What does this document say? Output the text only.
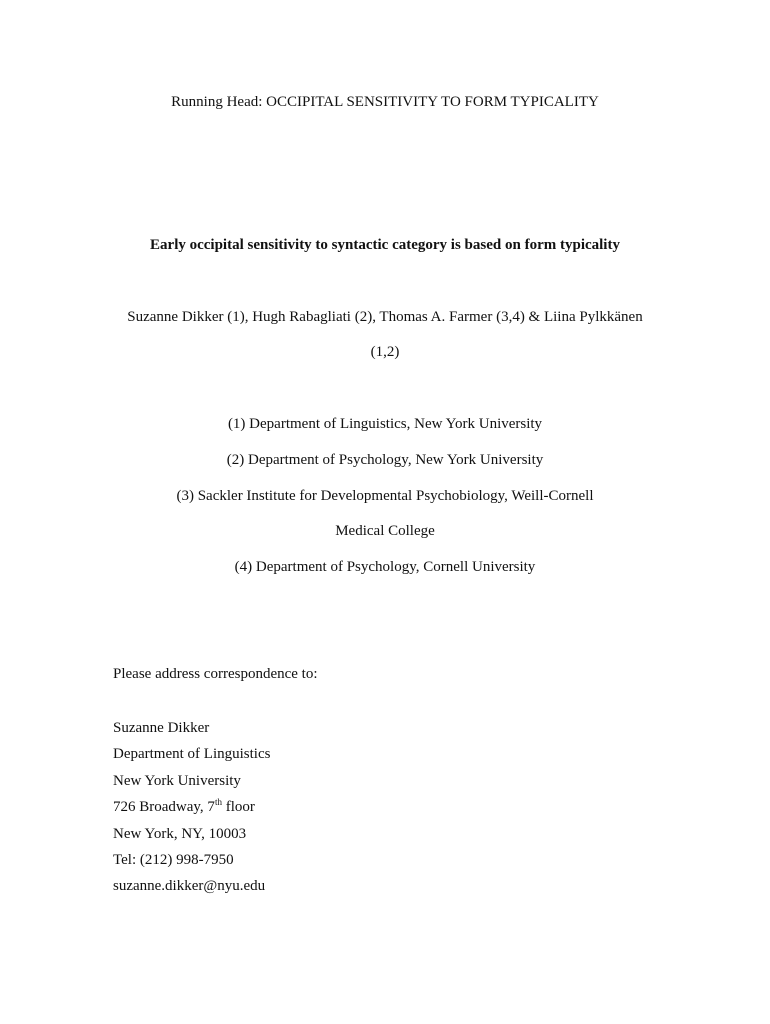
Running Head: OCCIPITAL SENSITIVITY TO FORM TYPICALITY
Early occipital sensitivity to syntactic category is based on form typicality
Suzanne Dikker (1), Hugh Rabagliati (2), Thomas A. Farmer (3,4) & Liina Pylkkänen
(1,2)
(1) Department of Linguistics, New York University
(2) Department of Psychology, New York University
(3) Sackler Institute for Developmental Psychobiology, Weill-Cornell
Medical College
(4) Department of Psychology, Cornell University
Please address correspondence to:
Suzanne Dikker
Department of Linguistics
New York University
726 Broadway, 7th floor
New York, NY, 10003
Tel: (212) 998-7950
suzanne.dikker@nyu.edu
